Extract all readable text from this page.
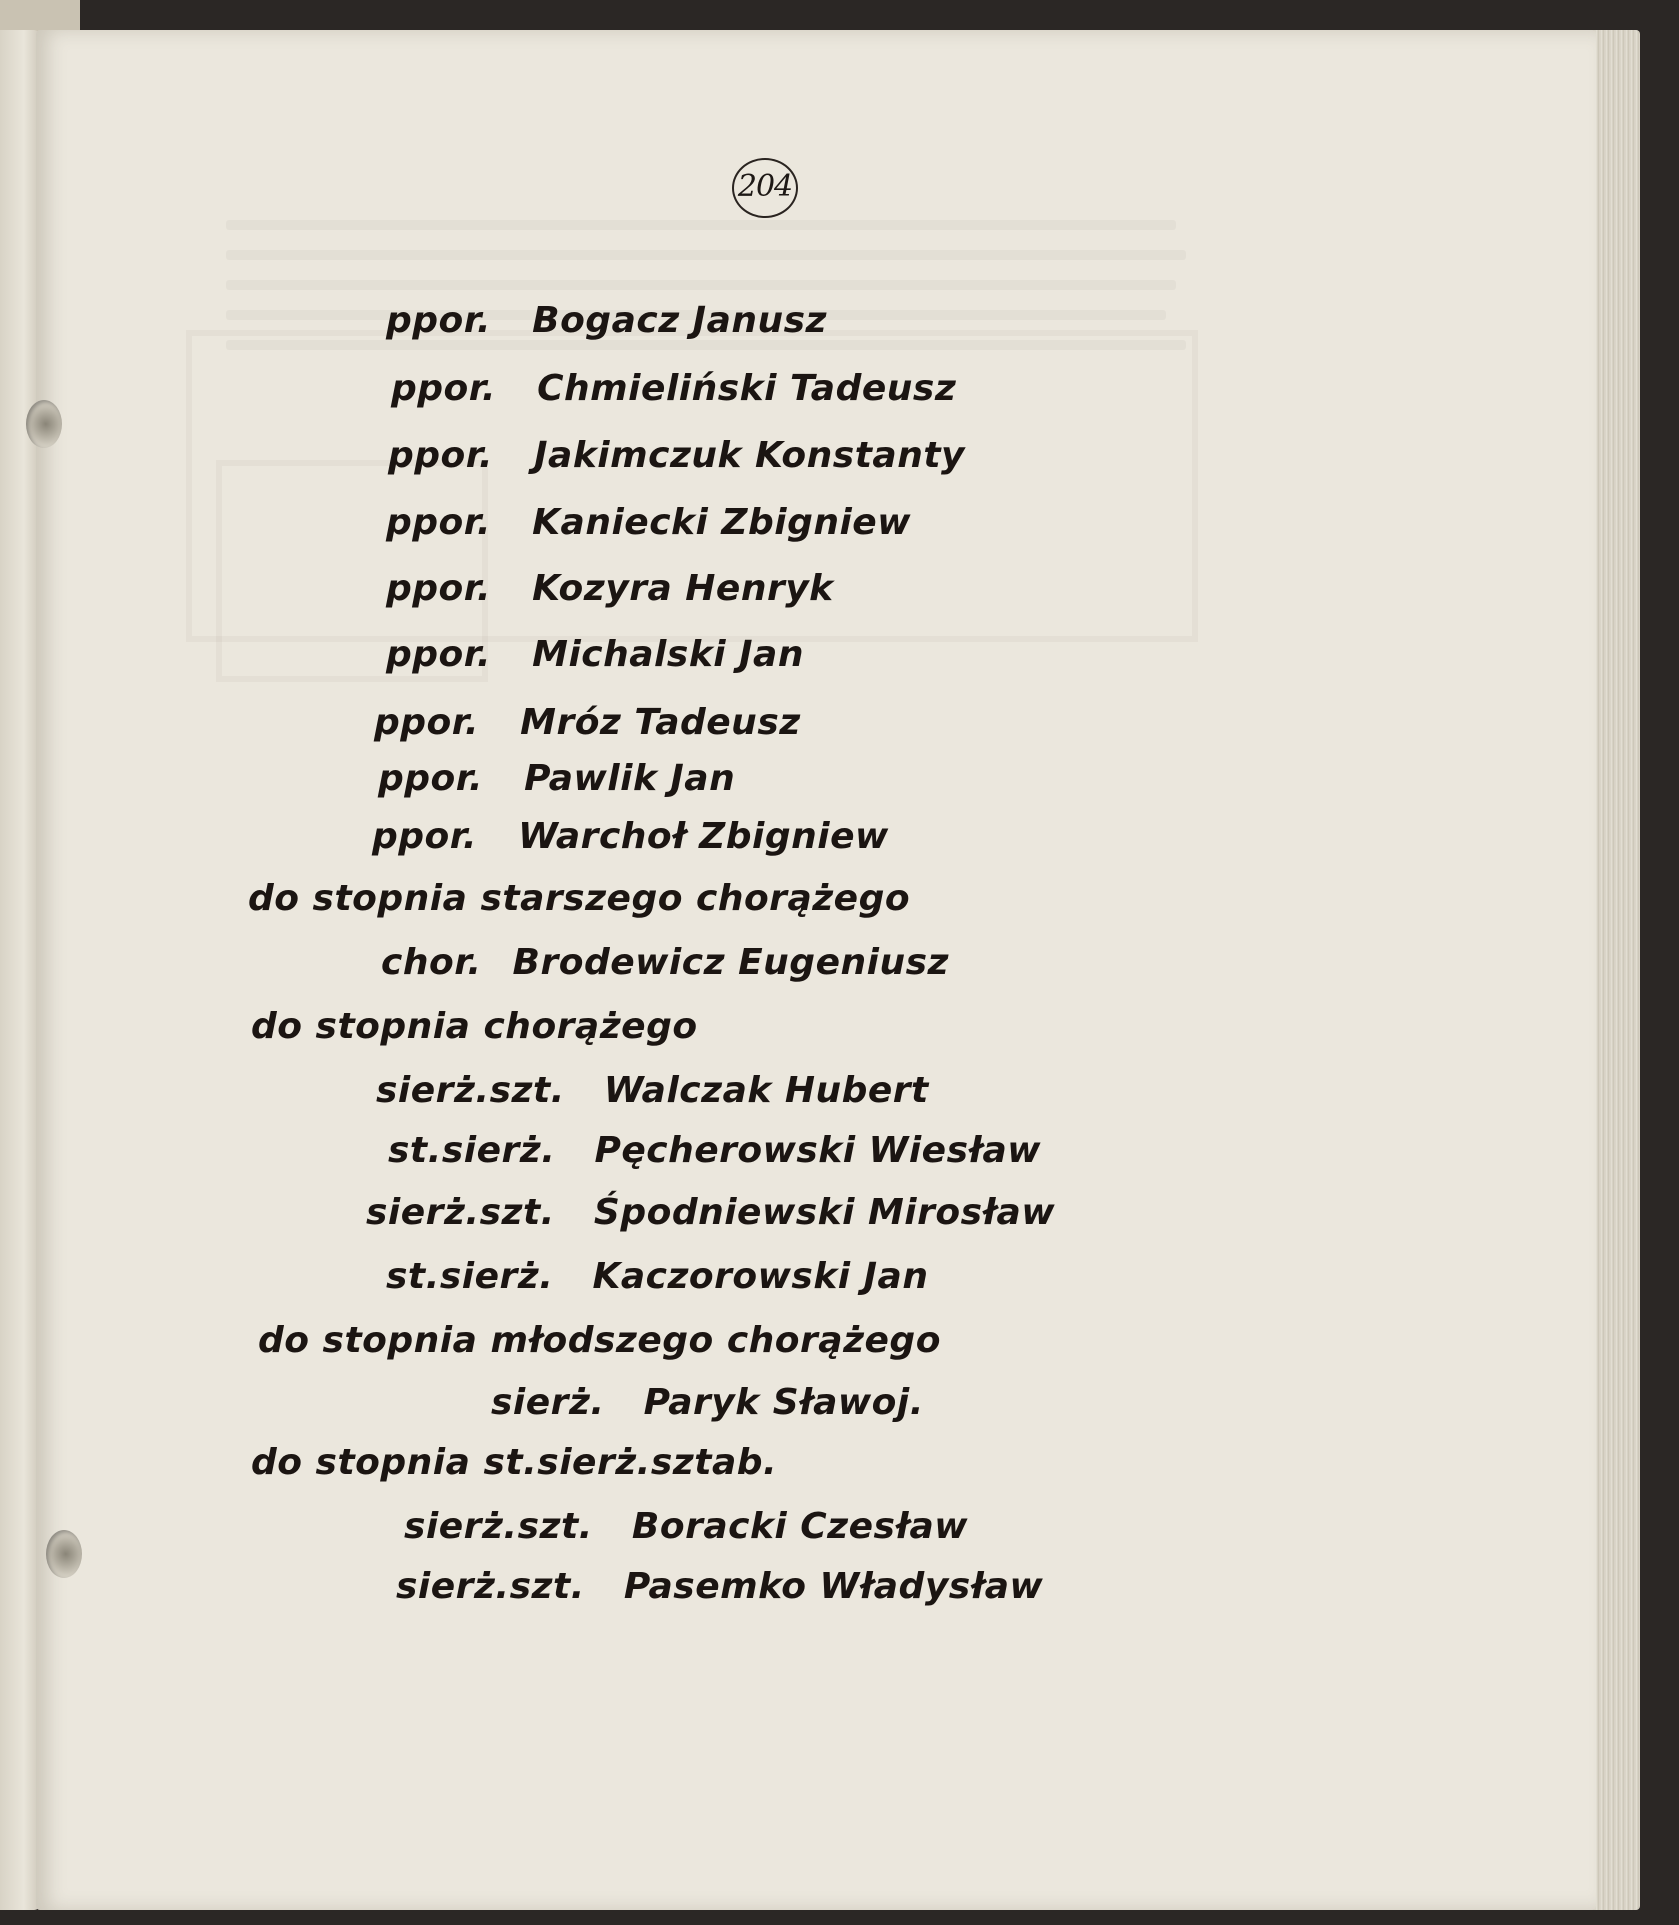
204
ppor. Bogacz Janusz
ppor. Chmieliński Tadeusz
ppor. Jakimczuk Konstanty
ppor. Kaniecki Zbigniew
ppor. Kozyra Henryk
ppor. Michalski Jan
ppor. Mróz Tadeusz
ppor. Pawlik Jan
ppor. Warchoł Zbigniew
do stopnia starszego chorążego
chor. Brodewicz Eugeniusz
do stopnia chorążego
sierż.szt. Walczak Hubert
st.sierż. Pęcherowski Wiesław
sierż.szt. Śpodniewski Mirosław
st.sierż. Kaczorowski Jan
do stopnia młodszego chorążego
sierż. Paryk Sławoj.
do stopnia st.sierż.sztab.
sierż.szt. Boracki Czesław
sierż.szt. Pasemko Władysław
